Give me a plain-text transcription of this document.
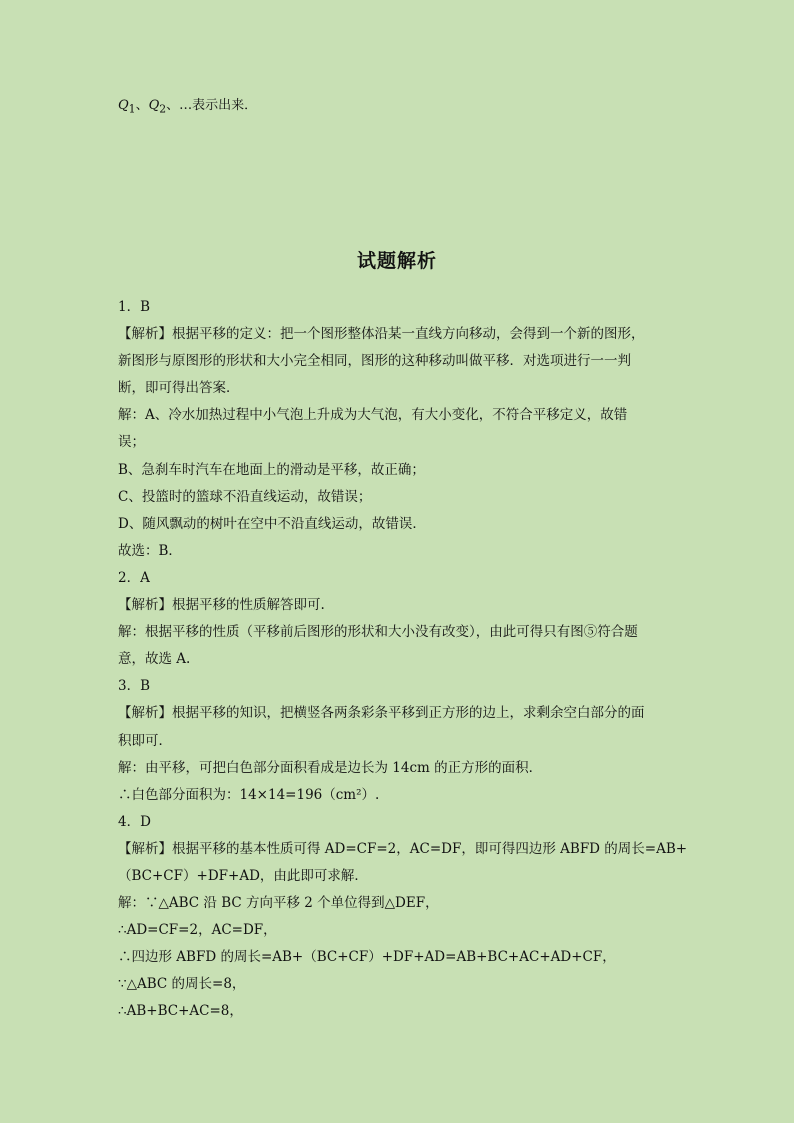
$Q_1$、$Q_2$、…表示出来．
试题解析
1．B
【解析】根据平移的定义：把一个图形整体沿某一直线方向移动，会得到一个新的图形，
新图形与原图形的形状和大小完全相同，图形的这种移动叫做平移．对选项进行一一判
断，即可得出答案．
解：A、冷水加热过程中小气泡上升成为大气泡，有大小变化，不符合平移定义，故错
误；
B、急刹车时汽车在地面上的滑动是平移，故正确；
C、投篮时的篮球不沿直线运动，故错误；
D、随风飘动的树叶在空中不沿直线运动，故错误．
故选：B．
2．A
【解析】根据平移的性质解答即可.
解：根据平移的性质（平移前后图形的形状和大小没有改变），由此可得只有图⑤符合题
意，故选 A.
3．B
【解析】根据平移的知识，把横竖各两条彩条平移到正方形的边上，求剩余空白部分的面
积即可．
解：由平移，可把白色部分面积看成是边长为 14cm 的正方形的面积．
∴白色部分面积为：14×14=196（cm²）.
4．D
【解析】根据平移的基本性质可得 AD=CF=2，AC=DF，即可得四边形 ABFD 的周长=AB+
（BC+CF）+DF+AD，由此即可求解．
解：∵△ABC 沿 BC 方向平移 2 个单位得到△DEF，
∴AD=CF=2，AC=DF，
∴四边形 ABFD 的周长=AB+（BC+CF）+DF+AD=AB+BC+AC+AD+CF，
∵△ABC 的周长=8，
∴AB+BC+AC=8，
